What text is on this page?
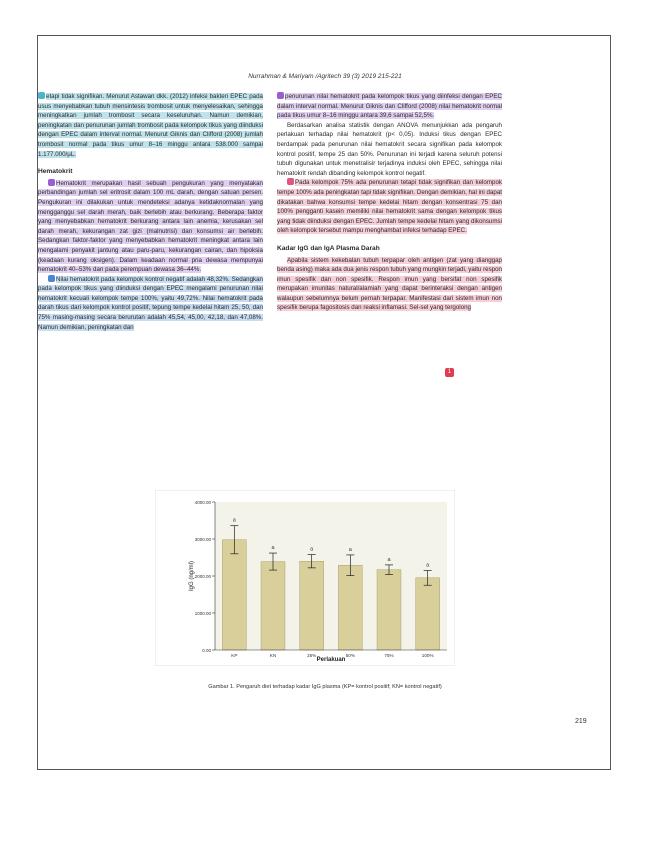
Nurrahman & Mariyam /Agritech 39 (3) 2019 215-221

etapi tidak signifikan. Menurut Astawan dkk. (2012) infeksi bakteri EPEC pada usus menyebabkan tubuh mensintesis trombosit untuk menyelesaikan, sehingga meningkatkan jumlah trombosit secara keseluruhan. Namun demikian, peningkatan dan penurunan jumlah trombosit pada kelompok tikus yang diinduksi dengan EPEC dalam interval normal. Menurut Giknis dan Clifford (2008) jumlah trombosit normal pada tikus umur 8–16 minggu antara 538.000 sampai 1.177.000/µL.

Hematokrit

Hematokrit merupakan hasil sebuah pengukuran yang menyatakan perbandingan jumlah sel eritrosit dalam 100 mL darah, dengan satuan persen. Pengukuran ini dilakukan untuk mendeteksi adanya ketidaknormalan yang mengganggu sel darah merah, baik berlebih atau berkurang. Beberapa faktor yang menyebabkan hematokrit berkurang antara lain anemia, kerusakan sel darah merah, kekurangan zat gizi (malnutrisi) dan konsumsi air berlebih. Sedangkan faktor-faktor yang menyebabkan hematokrit meningkat antara lain mengalami penyakit jantung atau paru-paru, kekurangan cairan, dan hipoksia (keadaan kurang oksigen). Dalam keadaan normal pria dewasa mempunyai hematokrit 40–53% dan pada perempuan dewasa 36–44%.

Nilai hematokrit pada kelompok kontrol negatif adalah 48,32%. Sedangkan pada kelompok tikus yang diinduksi dengan EPEC mengalami penurunan nilai hematokrit kecuali kelompok tempe 100%, yaitu 49,72%. Nilai hematokrit pada darah tikus dari kelompok kontrol positif, tepung tempe kedelai hitam 25, 50, dan 75% masing-masing secara berurutan adalah 45,54, 45,00, 42,18, dan 47,08%. Namun demikian, peningkatan dan

penurunan nilai hematokrit pada kelompok tikus yang diinfeksi dengan EPEC dalam interval normal. Menurut Giknis dan Clifford (2008) nilai hematokrit normal pada tikus umur 8–16 minggu antara 39,6 sampai 52,5%.

Berdasarkan analisa statistik dengan ANOVA menunjukkan ada pengaruh perlakuan terhadap nilai hematokrit (p< 0,05). Induksi tikus dengan EPEC berdampak pada penurunan nilai hematokrit secara signifikan pada kelompok kontrol positif, tempe 25 dan 50%. Penurunan ini terjadi karena seluruh potensi tubuh digunakan untuk menetralisir terjadinya induksi oleh EPEC, sehingga nilai hematokrit rendah dibanding kelompok kontrol negatif.

Pada kelompok 75% ada penurunan tetapi tidak signifikan dan kelompok tempe 100% ada peningkatan tapi tidak signifikan. Dengan demikian, hal ini dapat dikatakan bahwa konsumsi tempe kedelai hitam dengan konsentrasi 75 dan 100% pengganti kasein memiliki nilai hematokrit sama dengan kelompok tikus yang tidak diinduksi dengan EPEC. Jumlah tempe kedelai hitam yang dikonsumsi oleh kelompok tersebut mampu menghambat infeksi terhadap EPEC.

Kadar IgG dan IgA Plasma Darah

Apabila sistem kekebalan tubuh terpapar oleh antigen (zat yang dianggap benda asing) maka ada dua jenis respon tubuh yang mungkin terjadi, yaitu respon imun spesifik dan non spesifik. Respon imun yang bersifat non spesifik merupakan imunitas natural/alamiah yang dapat berinteraksi dengan antigen walaupun sebelumnya belum pernah terpapar. Manifestasi dari sistem imun non spesifik berupa fagositosis dan reaksi inflamasi. Sel-sel yang tergolong

1
0.00
1000.00
2000.00
3000.00
4000.00
a
a	a	a
a
a
KP	KN	25%	50%	75%	100%
IgG (ng/ml)
Perlakuan
Gambar 1. Pengaruh diet terhadap kadar IgG plasma (KP= kontrol positif; KN= kontrol negatif)
219
